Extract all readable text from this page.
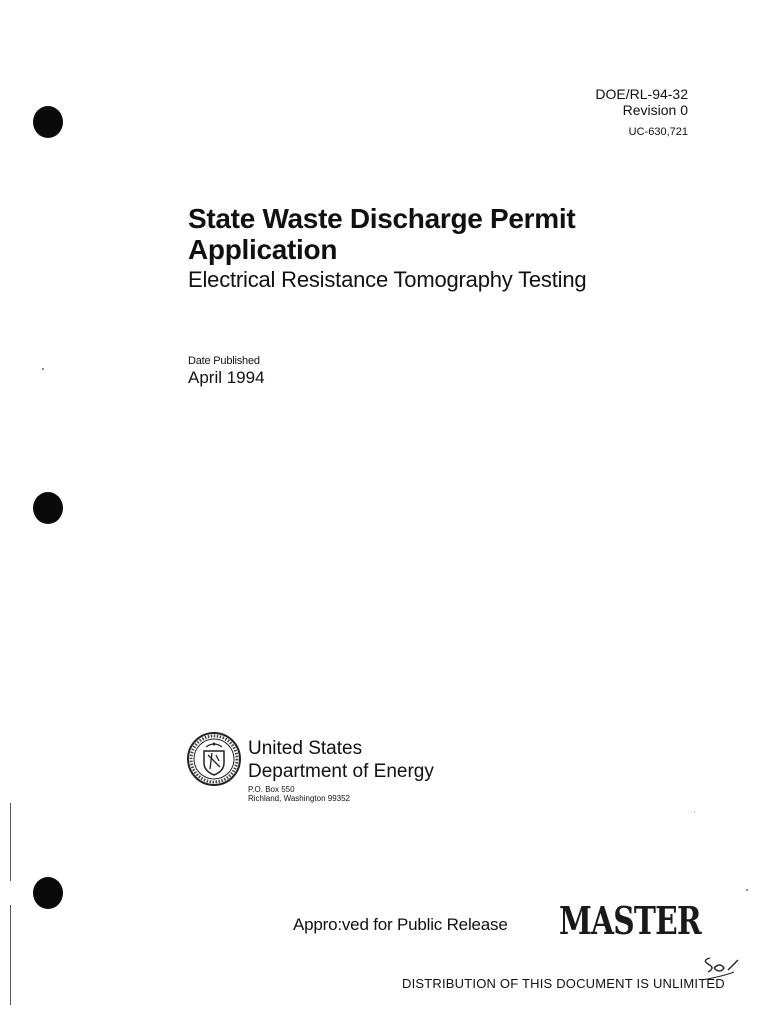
DOE/RL-94-32
Revision 0
UC-630,721
State Waste Discharge Permit
Application
Electrical Resistance Tomography Testing
Date Published
April 1994
United States
Department of Energy
P.O. Box 550
Richland, Washington 99352
Appro:ved for Public Release MASTER
DISTRIBUTION OF THIS DOCUMENT IS UNLIMITED
